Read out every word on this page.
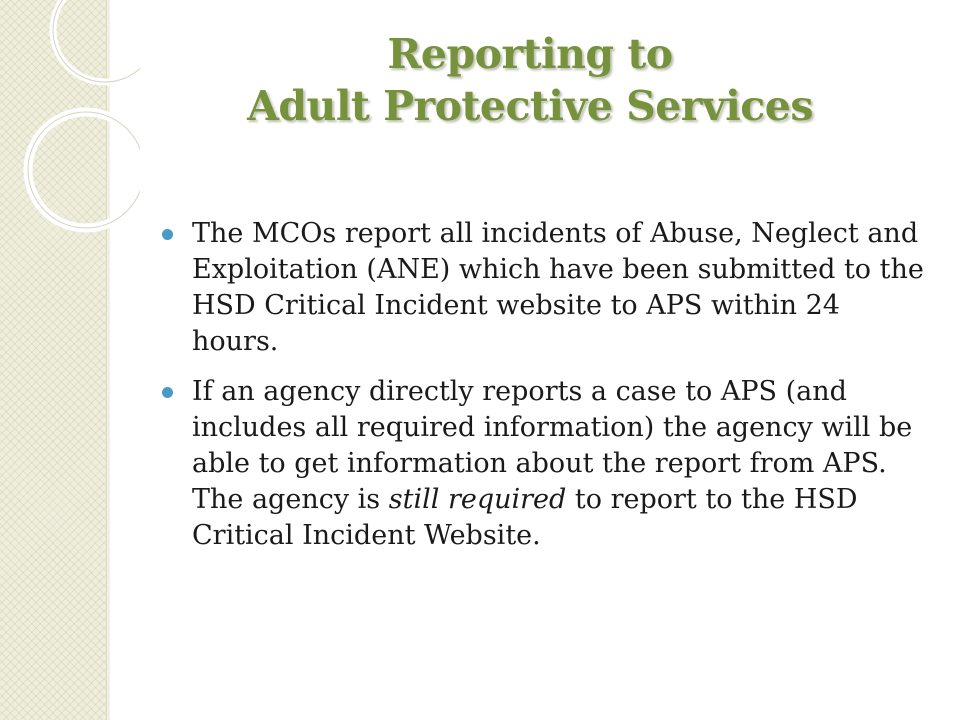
Reporting to
Adult Protective Services
The MCOs report all incidents of Abuse, Neglect and Exploitation (ANE) which have been submitted to the HSD Critical Incident website to APS within 24 hours.
If an agency directly reports a case to APS (and includes all required information) the agency will be able to get information about the report from APS. The agency is still required to report to the HSD Critical Incident Website.
